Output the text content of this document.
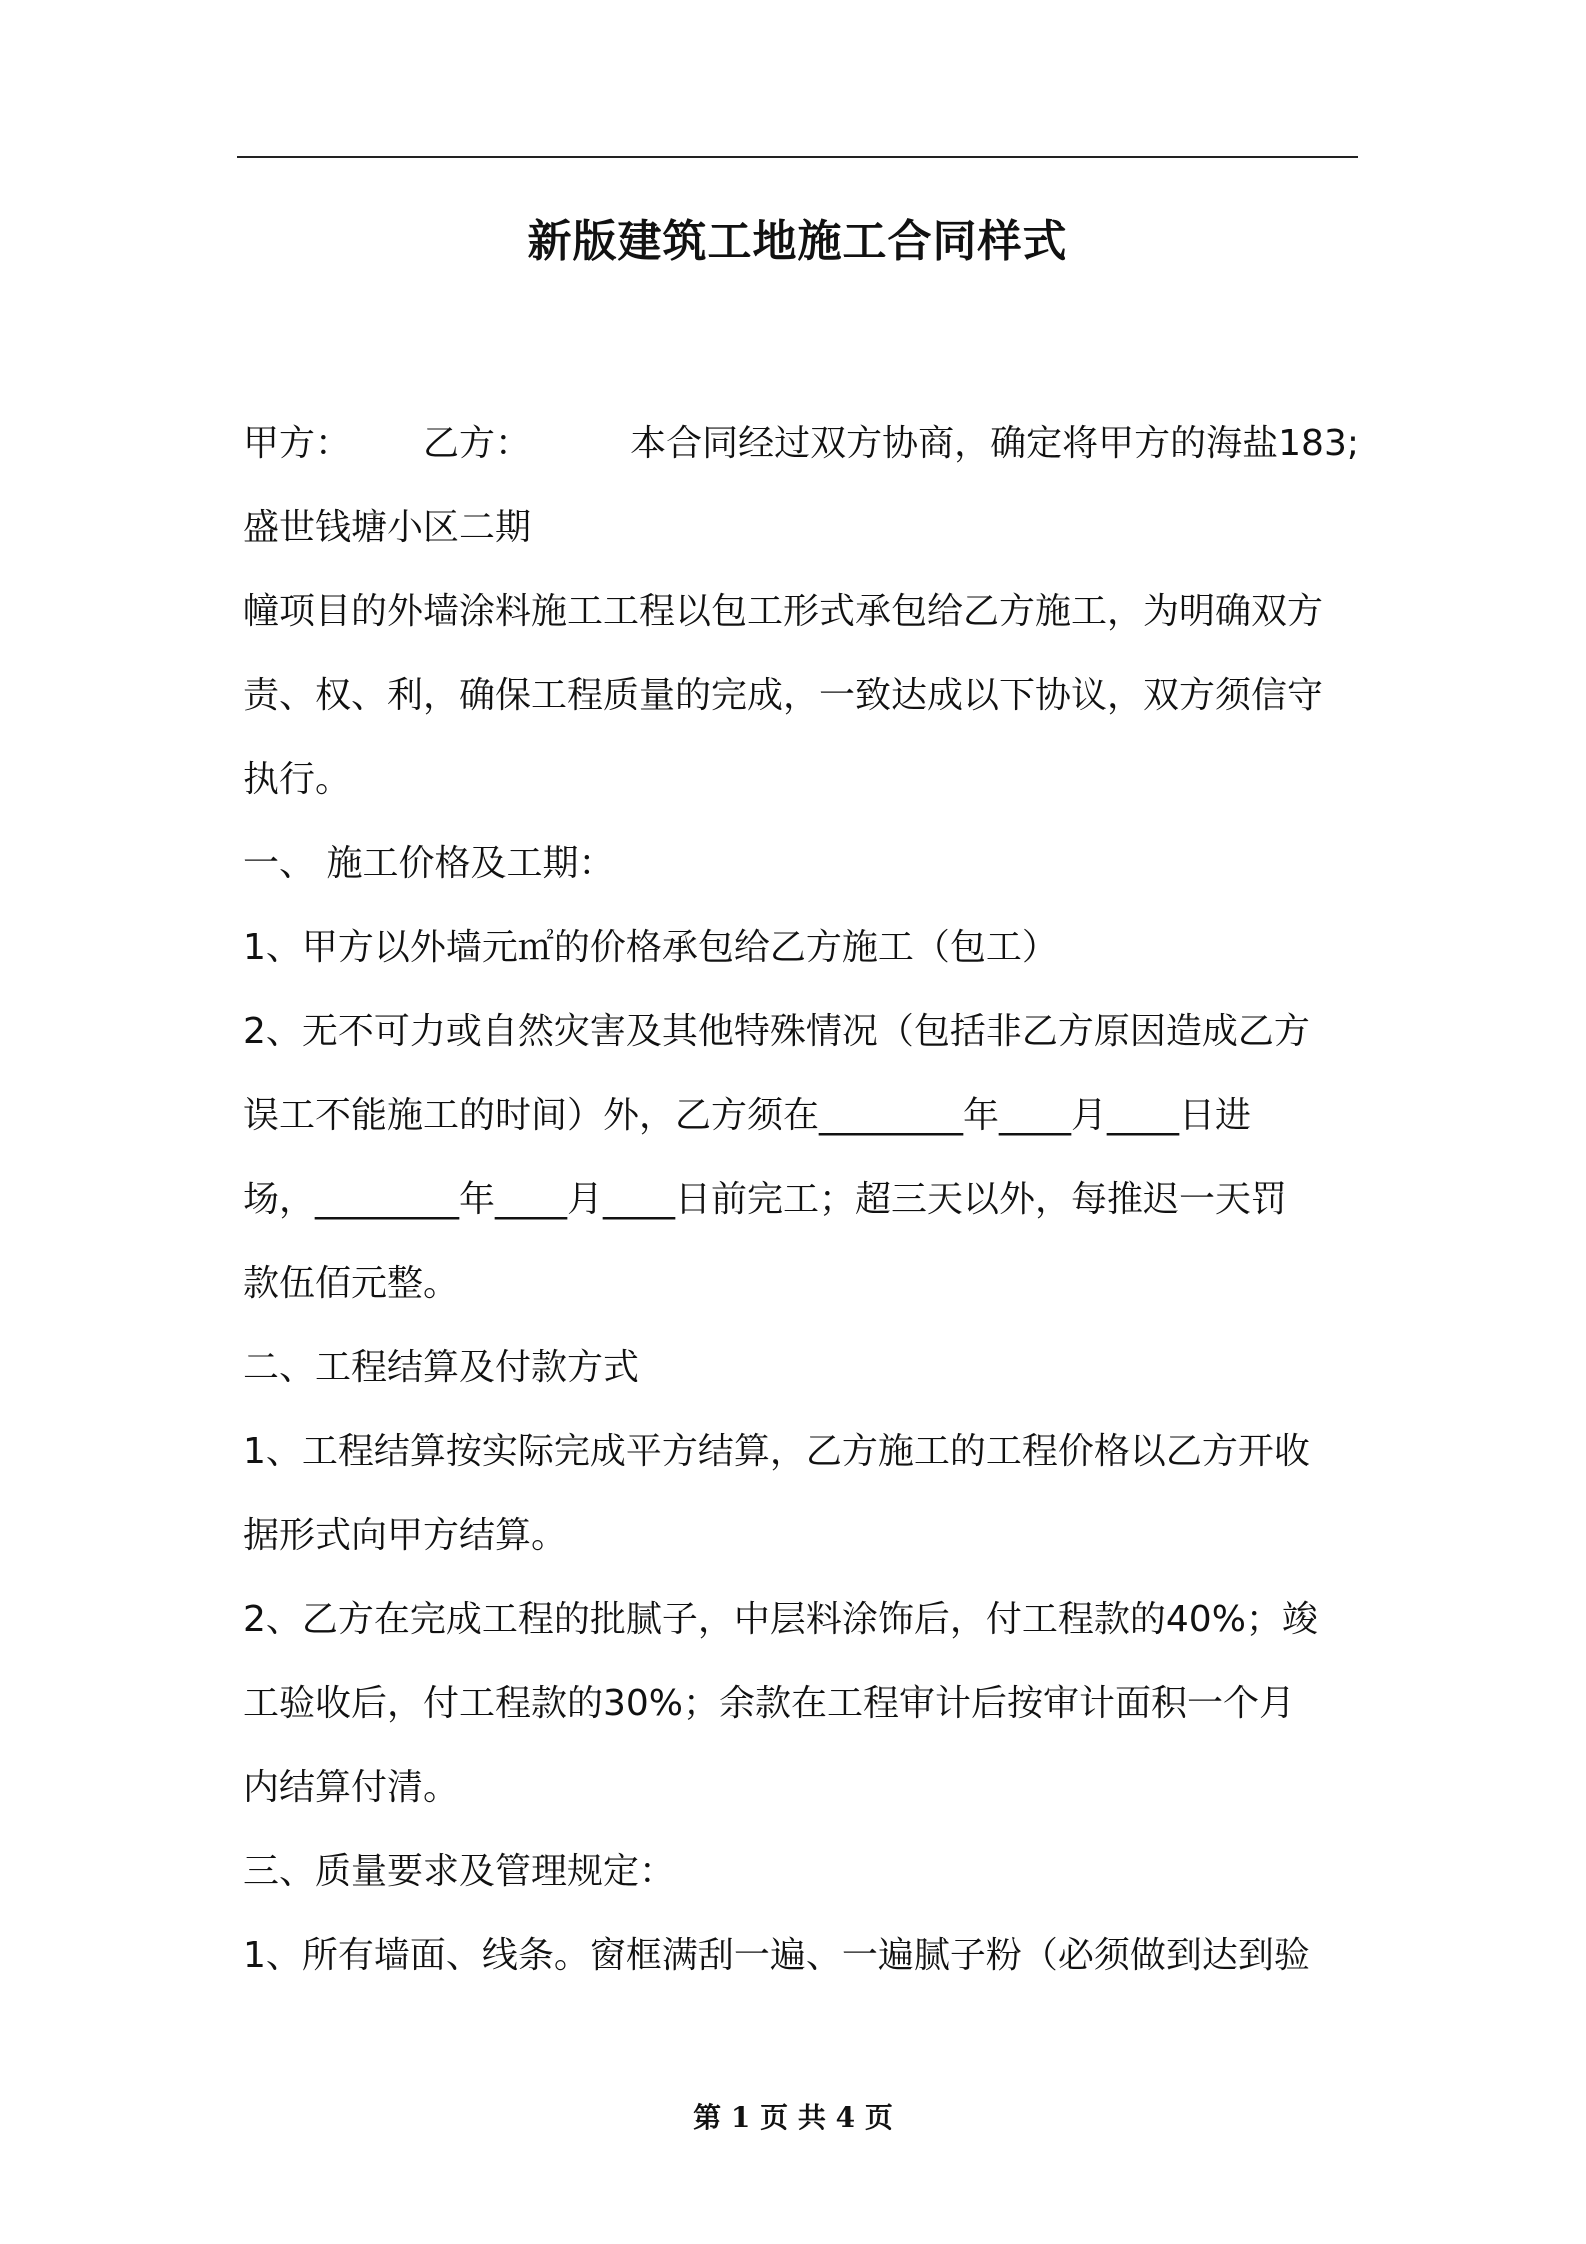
新版建筑工地施工合同样式
甲方：	乙方：	本合同经过双方协商，确定将甲方的海盐183;
盛世钱塘小区二期
幢项目的外墙涂料施工工程以包工形式承包给乙方施工，为明确双方
责、权、利，确保工程质量的完成，一致达成以下协议，双方须信守
执行。
一、 施工价格及工期：
1、甲方以外墙元㎡的价格承包给乙方施工（包工）
2、无不可力或自然灾害及其他特殊情况（包括非乙方原因造成乙方
误工不能施工的时间）外，乙方须在________年____月____日进
场，________年____月____日前完工；超三天以外，每推迟一天罚
款伍佰元整。
二、工程结算及付款方式
1、工程结算按实际完成平方结算，乙方施工的工程价格以乙方开收
据形式向甲方结算。
2、乙方在完成工程的批腻子，中层料涂饰后，付工程款的40%；竣
工验收后，付工程款的30%；余款在工程审计后按审计面积一个月
内结算付清。
三、质量要求及管理规定：
1、所有墙面、线条。窗框满刮一遍、一遍腻子粉（必须做到达到验
第 1 页 共 4 页
